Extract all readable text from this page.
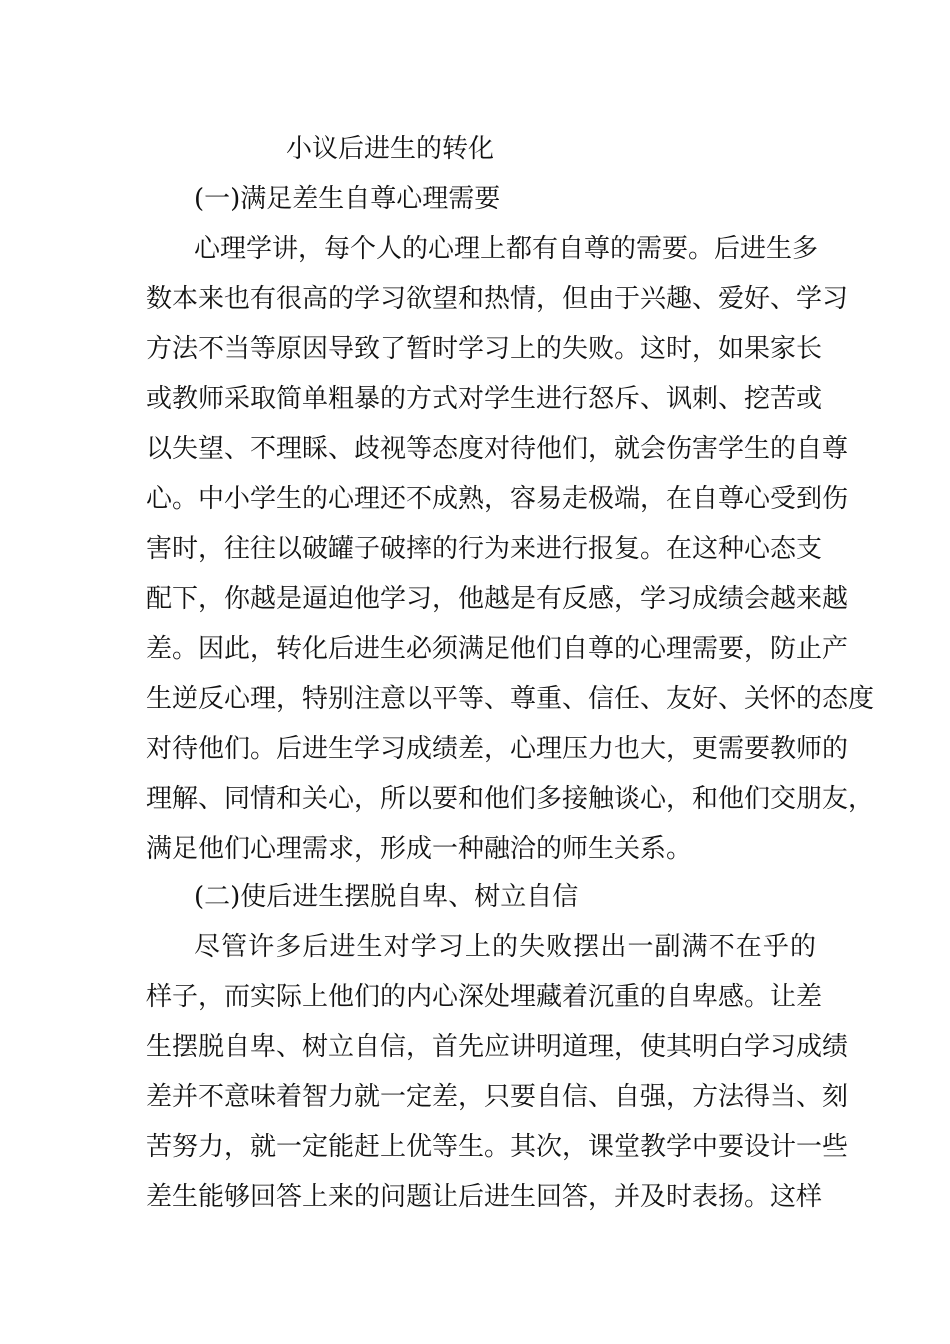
小议后进生的转化
(一)满足差生自尊心理需要
心理学讲，每个人的心理上都有自尊的需要。后进生多
数本来也有很高的学习欲望和热情，但由于兴趣、爱好、学习
方法不当等原因导致了暂时学习上的失败。这时，如果家长
或教师采取简单粗暴的方式对学生进行怒斥、讽刺、挖苦或
以失望、不理睬、歧视等态度对待他们，就会伤害学生的自尊
心。中小学生的心理还不成熟，容易走极端，在自尊心受到伤
害时，往往以破罐子破摔的行为来进行报复。在这种心态支
配下，你越是逼迫他学习，他越是有反感，学习成绩会越来越
差。因此，转化后进生必须满足他们自尊的心理需要，防止产
生逆反心理，特别注意以平等、尊重、信任、友好、关怀的态度
对待他们。后进生学习成绩差，心理压力也大，更需要教师的
理解、同情和关心，所以要和他们多接触谈心，和他们交朋友，
满足他们心理需求，形成一种融洽的师生关系。
(二)使后进生摆脱自卑、树立自信
尽管许多后进生对学习上的失败摆出一副满不在乎的
样子，而实际上他们的内心深处埋藏着沉重的自卑感。让差
生摆脱自卑、树立自信，首先应讲明道理，使其明白学习成绩
差并不意味着智力就一定差，只要自信、自强，方法得当、刻
苦努力，就一定能赶上优等生。其次，课堂教学中要设计一些
差生能够回答上来的问题让后进生回答，并及时表扬。这样
